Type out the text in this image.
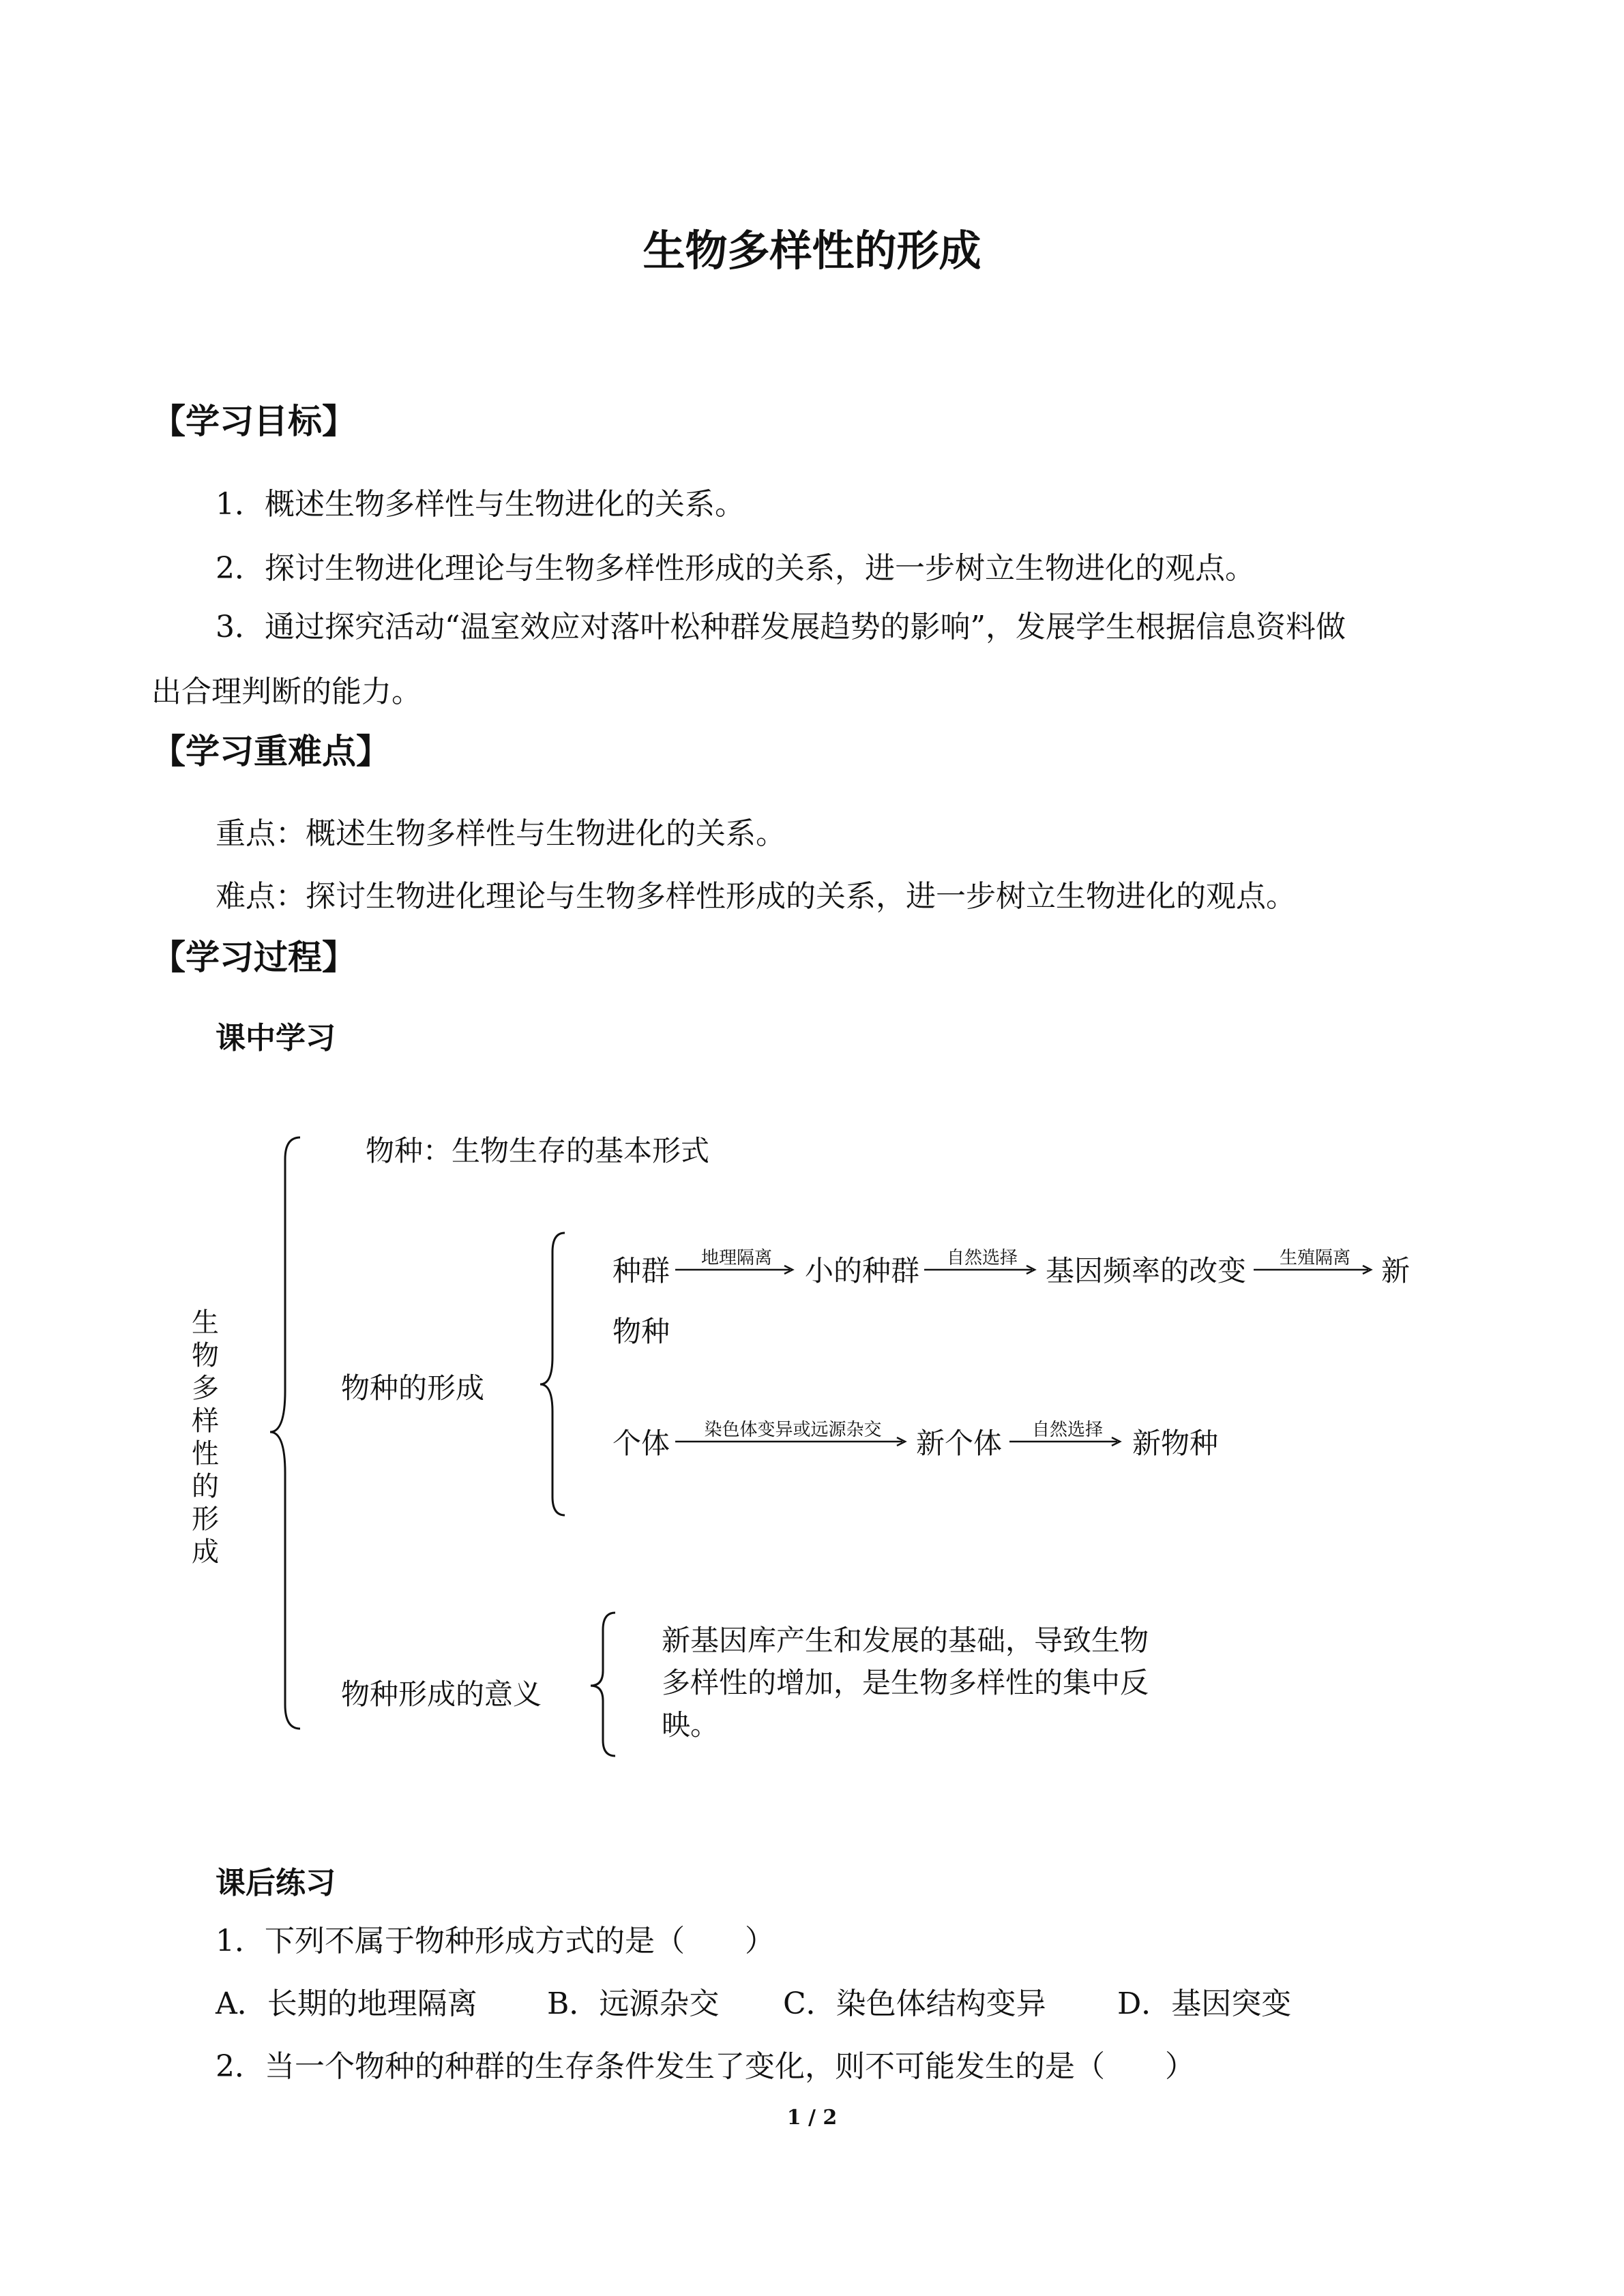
生物多样性的形成
【学习目标】
1．概述生物多样性与生物进化的关系。
2．探讨生物进化理论与生物多样性形成的关系，进一步树立生物进化的观点。
3．通过探究活动“温室效应对落叶松种群发展趋势的影响”，发展学生根据信息资料做
出合理判断的能力。
【学习重难点】
重点：概述生物多样性与生物进化的关系。
难点：探讨生物进化理论与生物多样性形成的关系，进一步树立生物进化的观点。
【学习过程】
课中学习
生物多样性的形成
物种：生物生存的基本形式
物种的形成
种群	地理隔离	小的种群	自然选择 基因频率的改变	生殖隔离	新
物种
个体	染色体变异或远源杂交	新个体	自然选择	新物种
物种形成的意义
新基因库产生和发展的基础，导致生物多样性的增加，是生物多样性的集中反映。
课后练习
1．下列不属于物种形成方式的是（　　）
A．长期的地理隔离 B．远源杂交 C．染色体结构变异 D．基因突变
2．当一个物种的种群的生存条件发生了变化，则不可能发生的是（　　）
1 / 2
